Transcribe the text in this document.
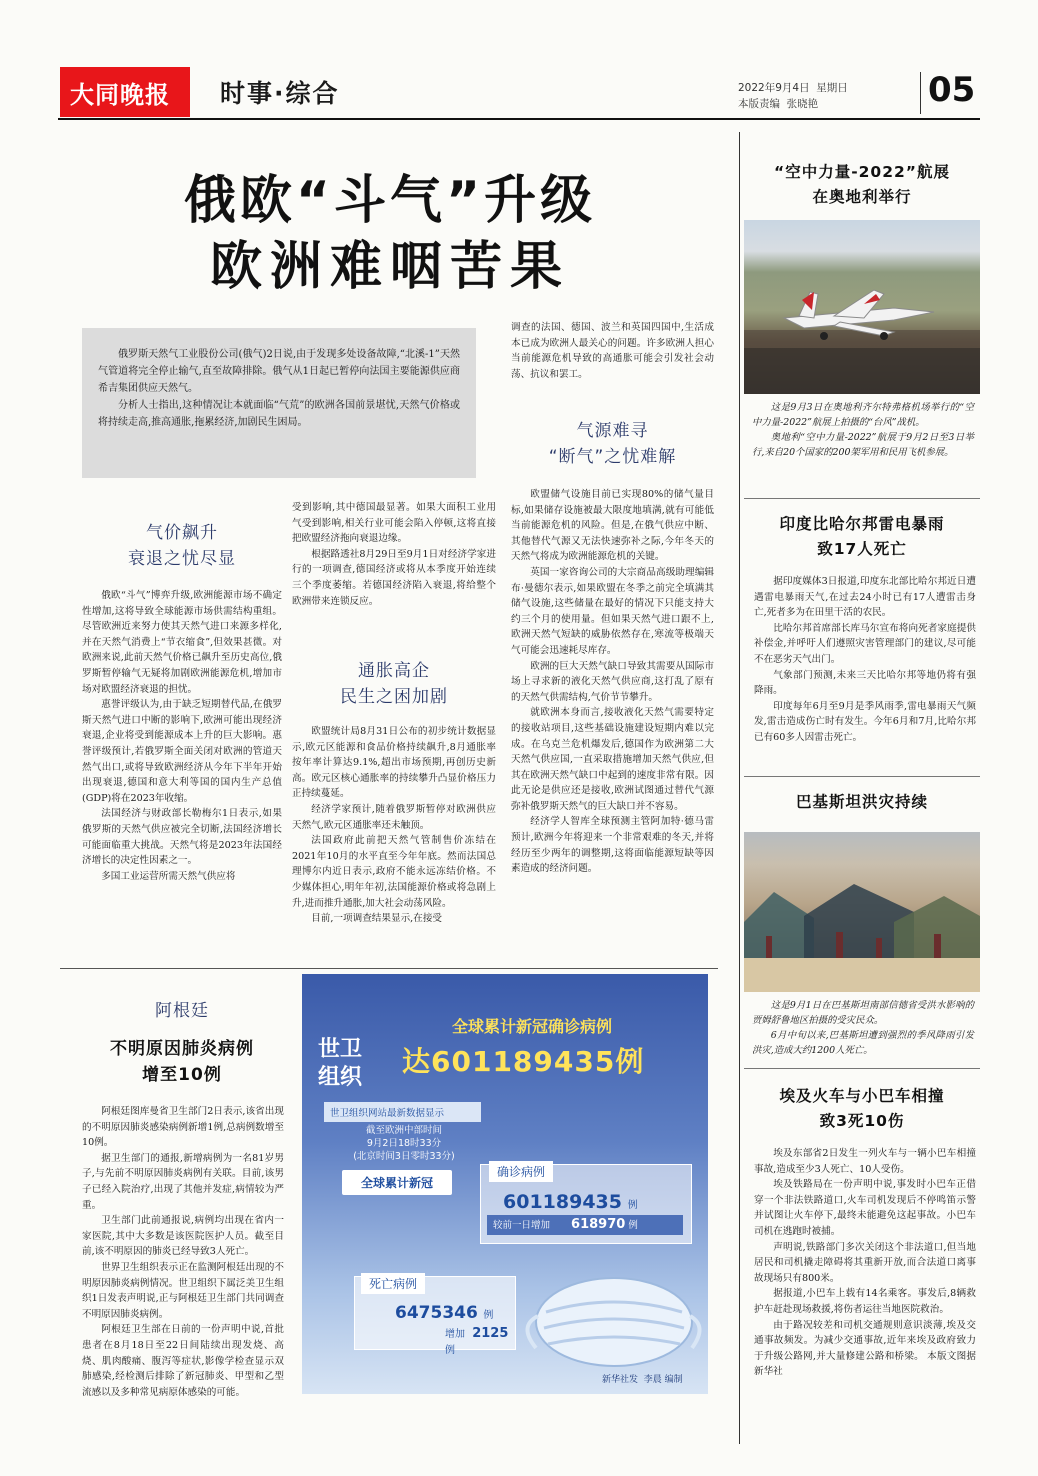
大同晚报 时事·综合	2022年9月4日  星期日
本版责编  张晓艳	05
俄欧“斗气”升级
欧洲难咽苦果

俄罗斯天然气工业股份公司(俄气)2日说,由于发现多处设备故障,“北溪-1”天然气管道将完全停止输气,直至故障排除。俄气从1日起已暂停向法国主要能源供应商希吉集团供应天然气。

分析人士指出,这种情况让本就面临“气荒”的欧洲各国前景堪忧,天然气价格或将持续走高,推高通胀,拖累经济,加剧民生困局。

调查的法国、德国、波兰和英国四国中,生活成本已成为欧洲人最关心的问题。许多欧洲人担心当前能源危机导致的高通胀可能会引发社会动荡、抗议和罢工。

气源难寻
“断气”之忧难解

欧盟储气设施目前已实现80%的储气量目标,如果储存设施被最大限度地填满,就有可能低当前能源危机的风险。但是,在俄气供应中断、其他替代气源又无法快速弥补之际,今年冬天的天然气将成为欧洲能源危机的关键。

英国一家咨询公司的大宗商品高级助理编辑布·曼德尔表示,如果欧盟在冬季之前完全填满其储气设施,这些储量在最好的情况下只能支持大约三个月的使用量。但如果天然气进口跟不上,欧洲天然气短缺的威胁依然存在,寒流等极端天气可能会迅速耗尽库存。

欧洲的巨大天然气缺口导致其需要从国际市场上寻求新的液化天然气供应商,这打乱了原有的天然气供需结构,气价节节攀升。

就欧洲本身而言,接收液化天然气需要特定的接收站项目,这些基础设施建设短期内难以完成。在乌克兰危机爆发后,德国作为欧洲第二大天然气供应国,一直采取措施增加天然气供应,但其在欧洲天然气缺口中起到的速度非常有限。因此无论是供应还是接收,欧洲试图通过替代气源弥补俄罗斯天然气的巨大缺口并不容易。

经济学人智库全球预测主管阿加特·德马雷预计,欧洲今年将迎来一个非常艰难的冬天,并将经历至少两年的调整期,这将面临能源短缺等因素造成的经济问题。

气价飙升
衰退之忧尽显

俄欧“斗气”博弈升级,欧洲能源市场不确定性增加,这将导致全球能源市场供需结构重组。尽管欧洲近来努力使其天然气进口来源多样化,并在天然气消费上“节衣缩食”,但效果甚微。对欧洲来说,此前天然气价格已飙升至历史高位,俄罗斯暂停输气无疑将加剧欧洲能源危机,增加市场对欧盟经济衰退的担忧。

惠誉评级认为,由于缺乏短期替代品,在俄罗斯天然气进口中断的影响下,欧洲可能出现经济衰退,企业将受到能源成本上升的巨大影响。惠誉评级预计,若俄罗斯全面关闭对欧洲的管道天然气出口,或将导致欧洲经济从今年下半年开始出现衰退,德国和意大利等国的国内生产总值(GDP)将在2023年收缩。

法国经济与财政部长勒梅尔1日表示,如果俄罗斯的天然气供应被完全切断,法国经济增长可能面临重大挑战。天然气将是2023年法国经济增长的决定性因素之一。

多国工业运营所需天然气供应将

受到影响,其中德国最显著。如果大面积工业用气受到影响,相关行业可能会陷入停顿,这将直接把欧盟经济拖向衰退边缘。

根据路透社8月29日至9月1日对经济学家进行的一项调查,德国经济或将从本季度开始连续三个季度萎缩。若德国经济陷入衰退,将给整个欧洲带来连锁反应。

通胀高企
民生之困加剧

欧盟统计局8月31日公布的初步统计数据显示,欧元区能源和食品价格持续飙升,8月通胀率按年率计算达9.1%,超出市场预期,再创历史新高。欧元区核心通胀率的持续攀升凸显价格压力正持续蔓延。

经济学家预计,随着俄罗斯暂停对欧洲供应天然气,欧元区通胀率还未触顶。

法国政府此前把天然气管制售价冻结在2021年10月的水平直至今年年底。然而法国总理博尔内近日表示,政府不能永远冻结价格。不少媒体担心,明年年初,法国能源价格或将急剧上升,进而推升通胀,加大社会动荡风险。

目前,一项调查结果显示,在接受

阿根廷
不明原因肺炎病例
增至10例

阿根廷图库曼省卫生部门2日表示,该省出现的不明原因肺炎感染病例新增1例,总病例数增至10例。

据卫生部门的通报,新增病例为一名81岁男子,与先前不明原因肺炎病例有关联。目前,该男子已经入院治疗,出现了其他并发症,病情较为严重。

卫生部门此前通报说,病例均出现在省内一家医院,其中大多数是该医院医护人员。截至目前,该不明原因的肺炎已经导致3人死亡。

世界卫生组织表示正在监测阿根廷出现的不明原因肺炎病例情况。世卫组织下属泛美卫生组织1日发表声明说,正与阿根廷卫生部门共同调查不明原因肺炎病例。

阿根廷卫生部在日前的一份声明中说,首批患者在8月18日至22日间陆续出现发烧、高烧、肌肉酸痛、腹泻等症状,影像学检查显示双肺感染,经检测后排除了新冠肺炎、甲型和乙型流感以及多种常见病原体感染的可能。

世卫
组织
全球累计新冠确诊病例
达601189435例
世卫组织网站最新数据显示
截至欧洲中部时间
9月2日18时33分
(北京时间3日零时33分)
全球累计新冠
确诊病例
601189435 例
较前一日增加 618970 例
死亡病例
6475346 例
增加 2125 例
新华社发  李晨 编制
“空中力量-2022”航展
在奥地利举行

这是9月3日在奥地利齐尔特弗格机场举行的“空中力量-2022”航展上拍摄的“台风”战机。

奥地利“空中力量-2022”航展于9月2日至3日举行,来自20个国家的200架军用和民用飞机参展。

印度比哈尔邦雷电暴雨
致17人死亡

据印度媒体3日报道,印度东北部比哈尔邦近日遭遇雷电暴雨天气,在过去24小时已有17人遭雷击身亡,死者多为在田里干活的农民。

比哈尔邦首席部长库马尔宣布将向死者家庭提供补偿金,并呼吁人们遵照灾害管理部门的建议,尽可能不在恶劣天气出门。

气象部门预测,未来三天比哈尔邦等地仍将有强降雨。

印度每年6月至9月是季风雨季,雷电暴雨天气频发,雷击造成伤亡时有发生。今年6月和7月,比哈尔邦已有60多人因雷击死亡。

巴基斯坦洪灾持续

这是9月1日在巴基斯坦南部信德省受洪水影响的贾姆舒鲁地区拍摄的受灾民众。

6月中旬以来,巴基斯坦遭到强烈的季风降雨引发洪灾,造成大约1200人死亡。

埃及火车与小巴车相撞
致3死10伤

埃及东部省2日发生一列火车与一辆小巴车相撞事故,造成至少3人死亡、10人受伤。

埃及铁路局在一份声明中说,事发时小巴车正借穿一个非法铁路道口,火车司机发现后不停鸣笛示警并试图让火车停下,最终未能避免这起事故。小巴车司机在逃跑时被捕。

声明说,铁路部门多次关闭这个非法道口,但当地居民和司机撬走障碍将其重新开放,而合法道口离事故现场只有800米。

据报道,小巴车上载有14名乘客。事发后,8辆救护车赶赴现场救援,将伤者运往当地医院救治。

由于路况较差和司机交通规则意识淡薄,埃及交通事故频发。为减少交通事故,近年来埃及政府致力于升级公路网,并大量修建公路和桥梁。 本版文图据新华社
